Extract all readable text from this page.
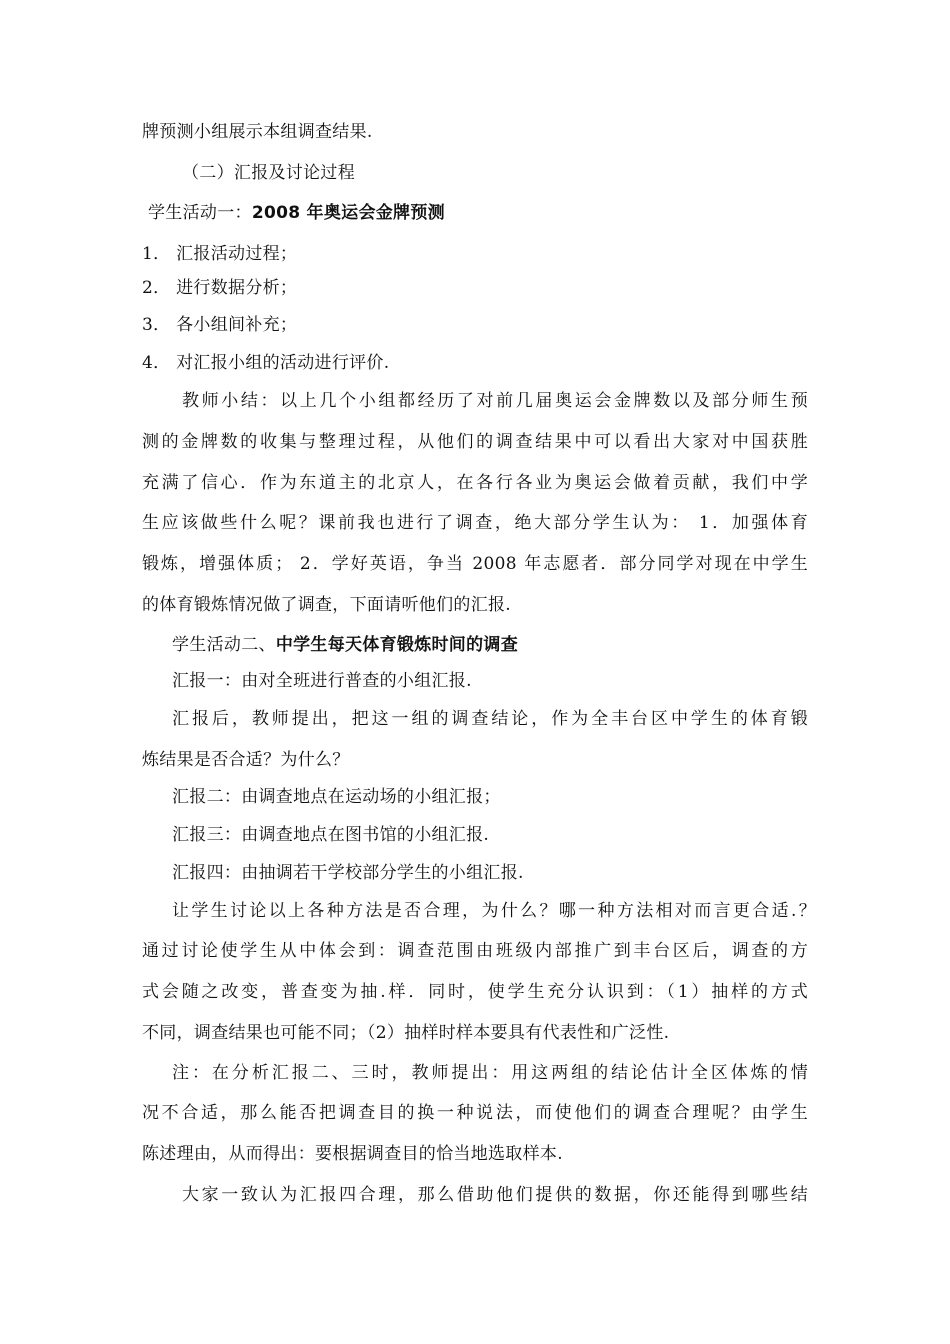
牌预测小组展示本组调查结果.
（二）汇报及讨论过程
学生活动一：2008 年奥运会金牌预测
1． 汇报活动过程；
2． 进行数据分析；
3． 各小组间补充；
4． 对汇报小组的活动进行评价.
教师小结：以上几个小组都经历了对前几届奥运会金牌数以及部分师生预
测的金牌数的收集与整理过程，从他们的调查结果中可以看出大家对中国获胜
充满了信心．作为东道主的北京人，在各行各业为奥运会做着贡献，我们中学
生应该做些什么呢？课前我也进行了调查，绝大部分学生认为： 1．加强体育
锻炼，增强体质； 2．学好英语，争当 2008 年志愿者．部分同学对现在中学生
的体育锻炼情况做了调查，下面请听他们的汇报.
学生活动二、中学生每天体育锻炼时间的调查
汇报一：由对全班进行普查的小组汇报.
汇报后，教师提出，把这一组的调查结论，作为全丰台区中学生的体育锻
炼结果是否合适？为什么？
汇报二：由调查地点在运动场的小组汇报；
汇报三：由调查地点在图书馆的小组汇报.
汇报四：由抽调若干学校部分学生的小组汇报.
让学生讨论以上各种方法是否合理，为什么？哪一种方法相对而言更合适.？
通过讨论使学生从中体会到：调查范围由班级内部推广到丰台区后，调查的方
式会随之改变，普查变为抽.样．同时，使学生充分认识到：（1）抽样的方式
不同，调查结果也可能不同；（2）抽样时样本要具有代表性和广泛性.
注：在分析汇报二、三时，教师提出：用这两组的结论估计全区体炼的情
况不合适，那么能否把调查目的换一种说法，而使他们的调查合理呢？由学生
陈述理由，从而得出：要根据调查目的恰当地选取样本.
大家一致认为汇报四合理，那么借助他们提供的数据，你还能得到哪些结
